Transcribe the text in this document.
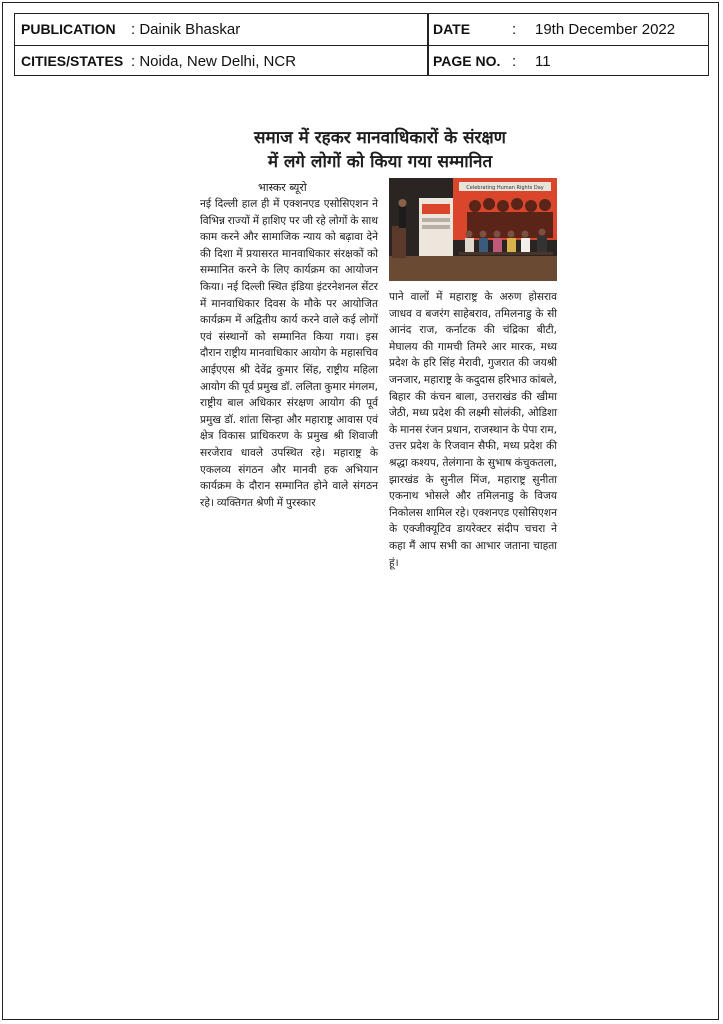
PUBLICATION : Dainik Bhaskar	DATE	: 19th December 2022
CITIES/STATES : Noida, New Delhi, NCR	PAGE NO. : 11
समाज में रहकर मानवाधिकारों के संरक्षण
में लगे लोगों को किया गया सम्मानित
भास्कर ब्यूरो
नई दिल्ली हाल ही में एक्शनएड एसोसिएशन ने विभिन्न राज्यों में हाशिए पर जी रहे लोगों के साथ काम करने और सामाजिक न्याय को बढ़ावा देने की दिशा में प्रयासरत मानवाधिकार संरक्षकों को सम्मानित करने के लिए कार्यक्रम का आयोजन किया। नई दिल्ली स्थित इंडिया इंटरनेशनल सेंटर में मानवाधिकार दिवस के मौके पर आयोजित कार्यक्रम में अद्वितीय कार्य करने वाले कई लोगों एवं संस्थानों को सम्मानित किया गया। इस दौरान राष्ट्रीय मानवाधिकार आयोग के महासचिव आईएएस श्री देवेंद्र कुमार सिंह, राष्ट्रीय महिला आयोग की पूर्व प्रमुख डॉ. ललिता कुमार मंगलम, राष्ट्रीय बाल अधिकार संरक्षण आयोग की पूर्व प्रमुख डॉ. शांता सिन्हा और महाराष्ट्र आवास एवं क्षेत्र विकास प्राधिकरण के प्रमुख श्री शिवाजी सरजेराव धावले उपस्थित रहे। महाराष्ट्र के एकलव्य संगठन और मानवी हक अभियान कार्यक्रम के दौरान सम्मानित होने वाले संगठन रहे। व्यक्तिगत श्रेणी में पुरस्कार
Celebrating Human Rights Day
पाने वालों में महाराष्ट्र के अरुण होसराव जाधव व बजरंग साहेबराव, तमिलनाडु के सी आनंद राज, कर्नाटक की चंद्रिका बीटी, मेघालय की गामची तिमरे आर मारक, मध्य प्रदेश के हरि सिंह मेरावी, गुजरात की जयश्री जनजार, महाराष्ट्र के कदुदास हरिभाउ कांबले, बिहार की कंचन बाला, उत्तराखंड की खीमा जेठी, मध्य प्रदेश की लक्ष्मी सोलंकी, ओडिशा के मानस रंजन प्रधान, राजस्थान के पेपा राम, उत्तर प्रदेश के रिजवान सैफी, मध्य प्रदेश की श्रद्धा कश्यप, तेलंगाना के सुभाष कंचुकतला, झारखंड के सुनील मिंज, महाराष्ट्र सुनीता एकनाथ भोसले और तमिलनाडु के विजय निकोलस शामिल रहे। एक्शनएड एसोसिएशन के एक्जीक्यूटिव डायरेक्टर संदीप चचरा ने कहा मैं आप सभी का आभार जताना चाहता हूं।
